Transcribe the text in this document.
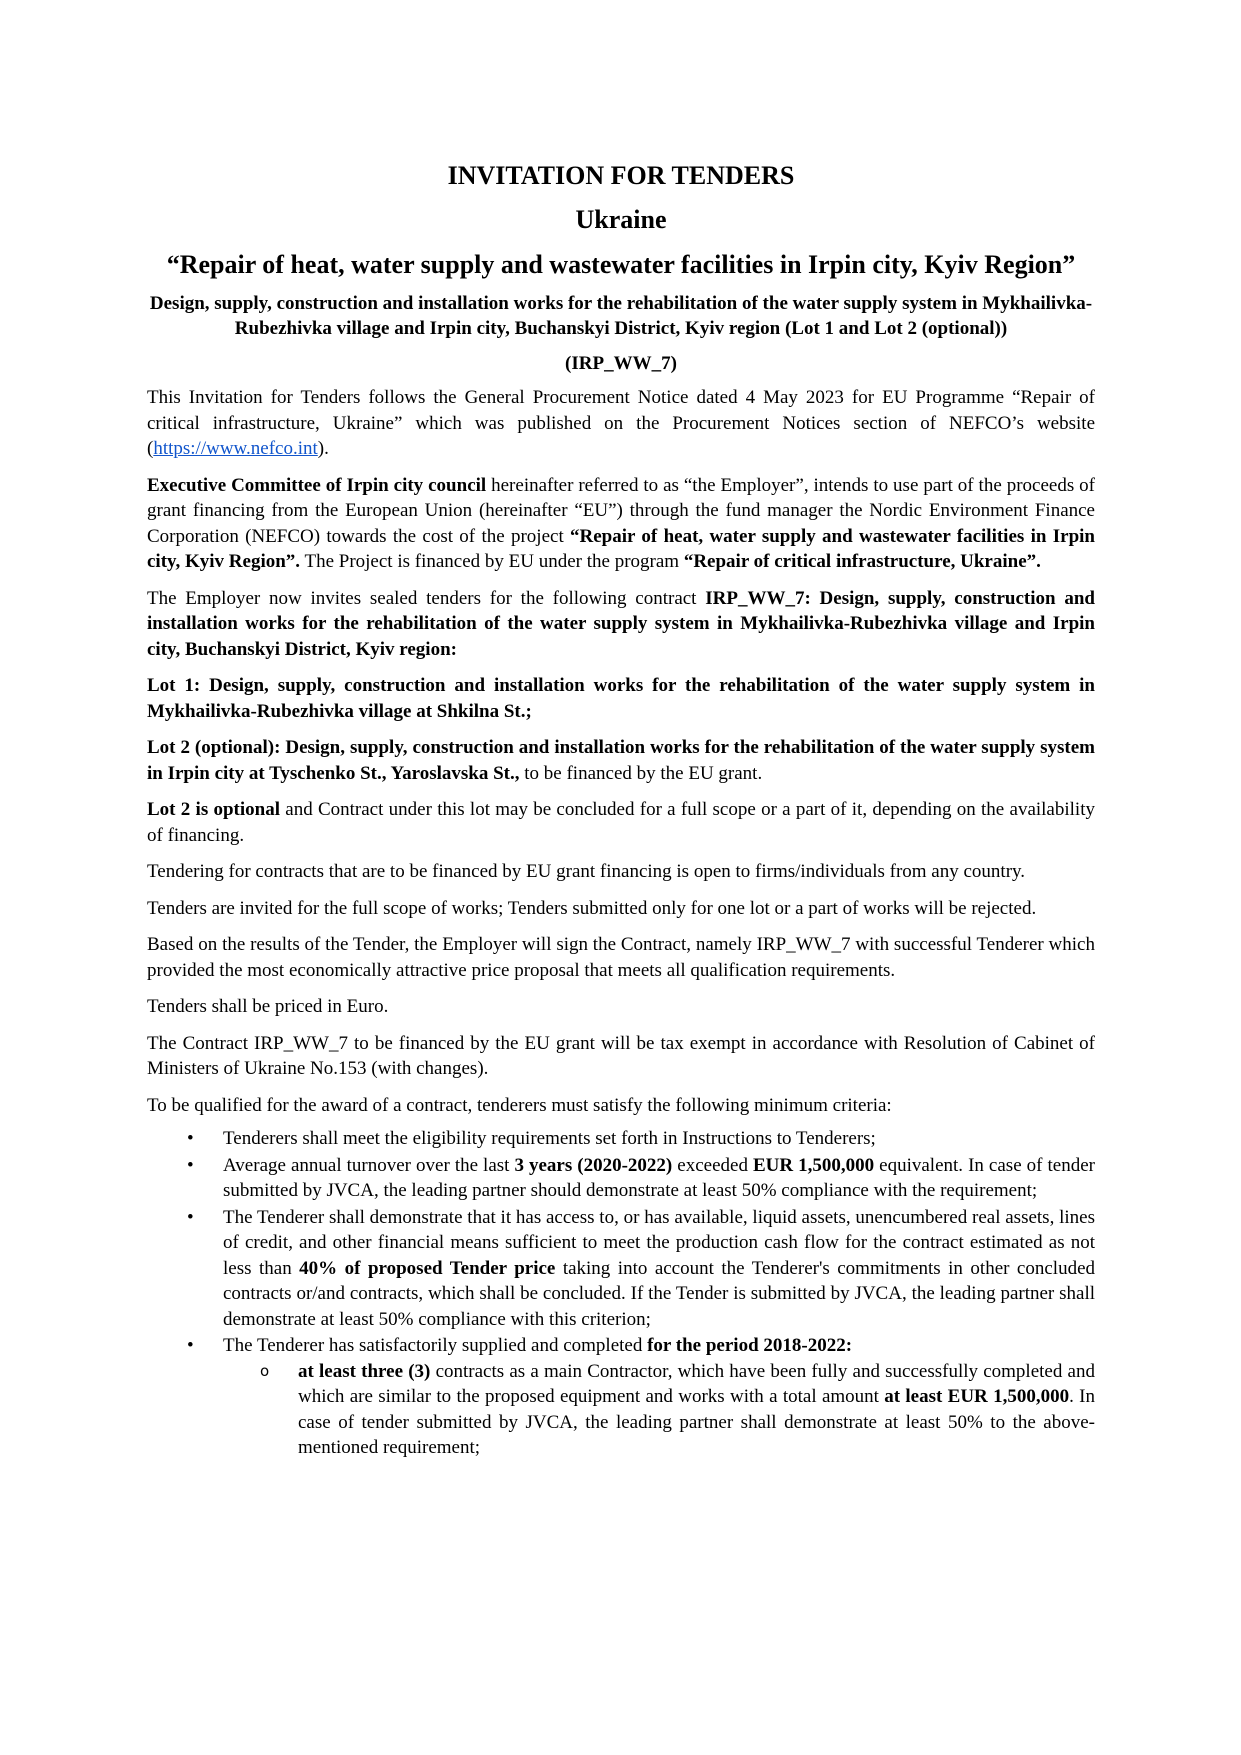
INVITATION FOR TENDERS
Ukraine
“Repair of heat, water supply and wastewater facilities in Irpin city, Kyiv Region”
Design, supply, construction and installation works for the rehabilitation of the water supply system in Mykhailivka-Rubezhivka village and Irpin city, Buchanskyi District, Kyiv region (Lot 1 and Lot 2 (optional))
(IRP_WW_7)

This Invitation for Tenders follows the General Procurement Notice dated 4 May 2023 for EU Programme “Repair of critical infrastructure, Ukraine” which was published on the Procurement Notices section of NEFCO’s website (https://www.nefco.int).

Executive Committee of Irpin city council hereinafter referred to as “the Employer”, intends to use part of the proceeds of grant financing from the European Union (hereinafter “EU”) through the fund manager the Nordic Environment Finance Corporation (NEFCO) towards the cost of the project “Repair of heat, water supply and wastewater facilities in Irpin city, Kyiv Region”. The Project is financed by EU under the program “Repair of critical infrastructure, Ukraine”.

The Employer now invites sealed tenders for the following contract IRP_WW_7: Design, supply, construction and installation works for the rehabilitation of the water supply system in Mykhailivka-Rubezhivka village and Irpin city, Buchanskyi District, Kyiv region:

Lot 1: Design, supply, construction and installation works for the rehabilitation of the water supply system in Mykhailivka-Rubezhivka village at Shkilna St.;

Lot 2 (optional): Design, supply, construction and installation works for the rehabilitation of the water supply system in Irpin city at Tyschenko St., Yaroslavska St., to be financed by the EU grant.

Lot 2 is optional and Contract under this lot may be concluded for a full scope or a part of it, depending on the availability of financing.

Tendering for contracts that are to be financed by EU grant financing is open to firms/individuals from any country.

Tenders are invited for the full scope of works; Tenders submitted only for one lot or a part of works will be rejected.

Based on the results of the Tender, the Employer will sign the Contract, namely IRP_WW_7 with successful Tenderer which provided the most economically attractive price proposal that meets all qualification requirements.

Tenders shall be priced in Euro.

The Contract IRP_WW_7 to be financed by the EU grant will be tax exempt in accordance with Resolution of Cabinet of Ministers of Ukraine No.153 (with changes).

To be qualified for the award of a contract, tenderers must satisfy the following minimum criteria:

• Tenderers shall meet the eligibility requirements set forth in Instructions to Tenderers;
• Average annual turnover over the last 3 years (2020-2022) exceeded EUR 1,500,000 equivalent. In case of tender submitted by JVCA, the leading partner should demonstrate at least 50% compliance with the requirement;
• The Tenderer shall demonstrate that it has access to, or has available, liquid assets, unencumbered real assets, lines of credit, and other financial means sufficient to meet the production cash flow for the contract estimated as not less than 40% of proposed Tender price taking into account the Tenderer's commitments in other concluded contracts or/and contracts, which shall be concluded. If the Tender is submitted by JVCA, the leading partner shall demonstrate at least 50% compliance with this criterion;
• The Tenderer has satisfactorily supplied and completed for the period 2018-2022:
o at least three (3) contracts as a main Contractor, which have been fully and successfully completed and which are similar to the proposed equipment and works with a total amount at least EUR 1,500,000. In case of tender submitted by JVCA, the leading partner shall demonstrate at least 50% to the above-mentioned requirement;
